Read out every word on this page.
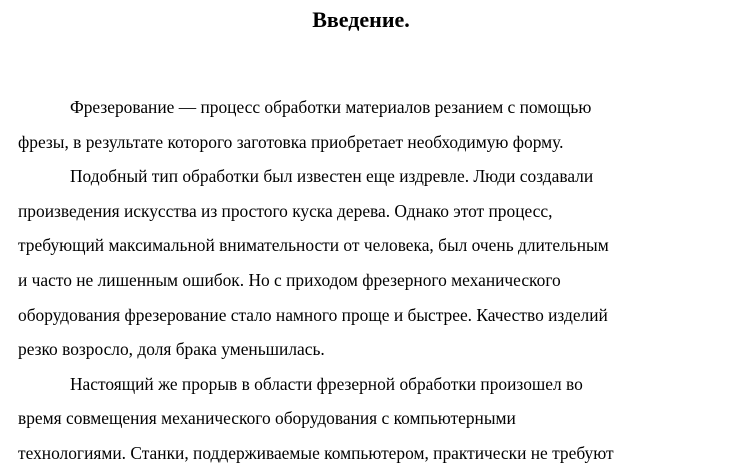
Введение.
Фрезерование — процесс обработки материалов резанием с помощью
фрезы, в результате которого заготовка приобретает необходимую форму.
Подобный тип обработки был известен еще издревле. Люди создавали
произведения искусства из простого куска дерева. Однако этот процесс,
требующий максимальной внимательности от человека, был очень длительным
и часто не лишенным ошибок. Но с приходом фрезерного механического
оборудования фрезерование стало намного проще и быстрее. Качество изделий
резко возросло, доля брака уменьшилась.
Настоящий же прорыв в области фрезерной обработки произошел во
время совмещения механического оборудования с компьютерными
технологиями. Станки, поддерживаемые компьютером, практически не требуют
